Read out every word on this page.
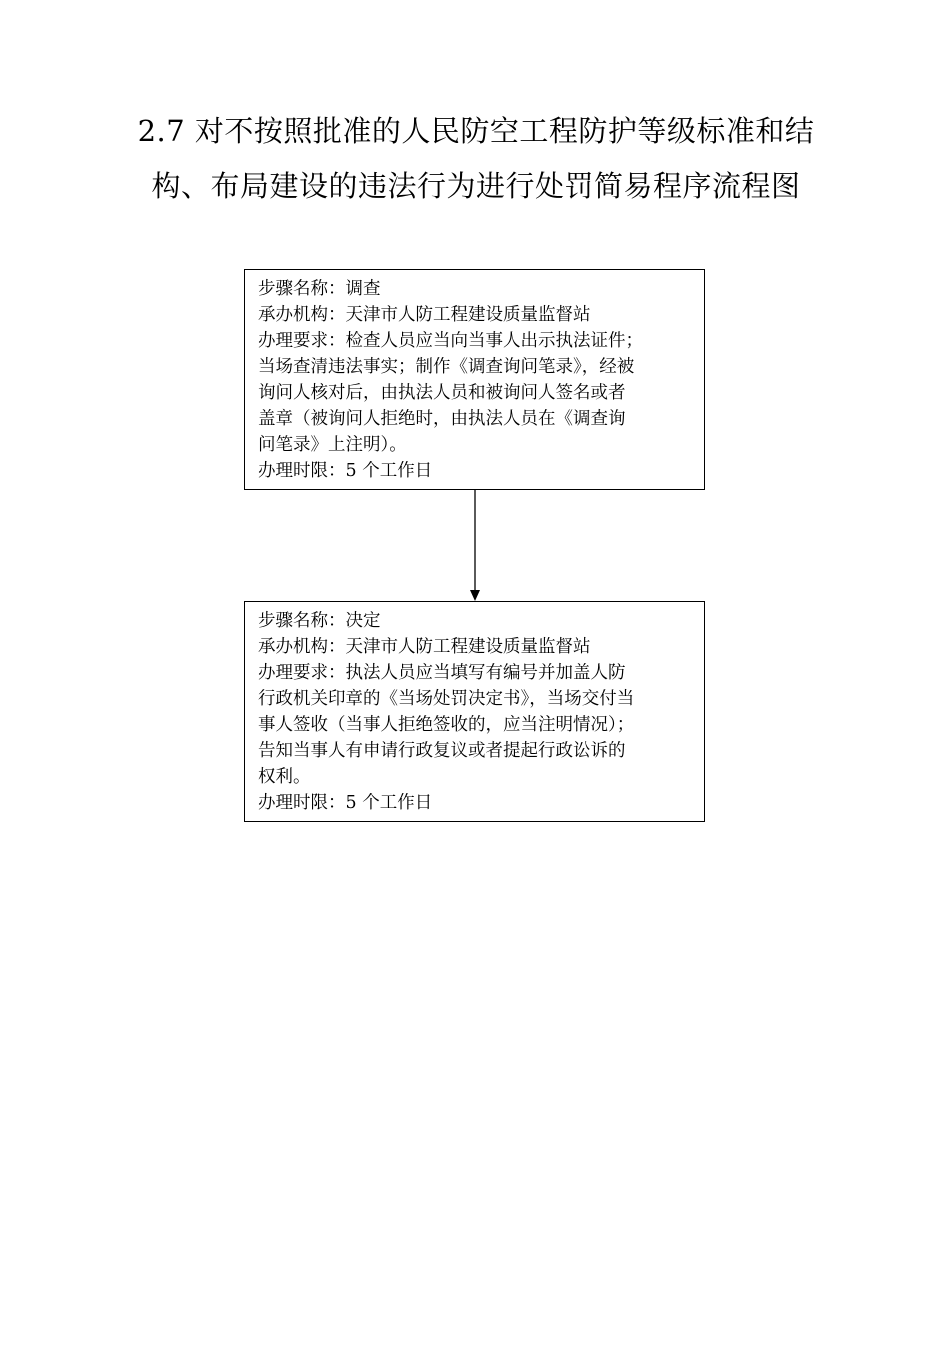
2.7 对不按照批准的人民防空工程防护等级标准和结
构、布局建设的违法行为进行处罚简易程序流程图
步骤名称：调查
承办机构：天津市人防工程建设质量监督站
办理要求：检查人员应当向当事人出示执法证件；
当场查清违法事实；制作《调查询问笔录》，经被
询问人核对后，由执法人员和被询问人签名或者
盖章（被询问人拒绝时，由执法人员在《调查询
问笔录》上注明）。
办理时限：5 个工作日
步骤名称：决定
承办机构：天津市人防工程建设质量监督站
办理要求：执法人员应当填写有编号并加盖人防
行政机关印章的《当场处罚决定书》，当场交付当
事人签收（当事人拒绝签收的，应当注明情况）；
告知当事人有申请行政复议或者提起行政讼诉的
权利。
办理时限：5 个工作日
